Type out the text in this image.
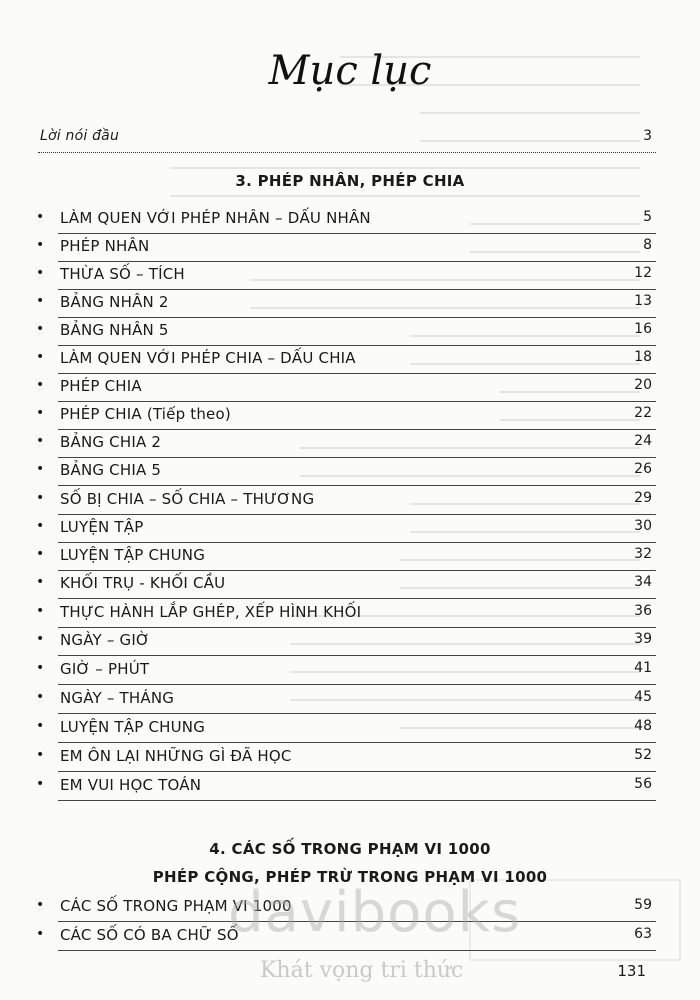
Mục lục
Lời nói đầu	3
3. PHÉP NHÂN, PHÉP CHIA
• LÀM QUEN VỚI PHÉP NHÂN – DẤU NHÂN	5
• PHÉP NHÂN	8
• THỪA SỐ – TÍCH	12
• BẢNG NHÂN 2	13
• BẢNG NHÂN 5	16
• LÀM QUEN VỚI PHÉP CHIA – DẤU CHIA	18
• PHÉP CHIA	20
• PHÉP CHIA (Tiếp theo)	22
• BẢNG CHIA 2	24
• BẢNG CHIA 5	26
• SỐ BỊ CHIA – SỐ CHIA – THƯƠNG	29
• LUYỆN TẬP	30
• LUYỆN TẬP CHUNG	32
• KHỐI TRỤ - KHỐI CẦU	34
• THỰC HÀNH LẮP GHÉP, XẾP HÌNH KHỐI	36
• NGÀY – GIỜ	39
• GIỜ – PHÚT	41
• NGÀY – THÁNG	45
• LUYỆN TẬP CHUNG	48
• EM ÔN LẠI NHỮNG GÌ ĐÃ HỌC	52
• EM VUI HỌC TOÁN	56
4. CÁC SỐ TRONG PHẠM VI 1000
PHÉP CỘNG, PHÉP TRỪ TRONG PHẠM VI 1000
• CÁC SỐ TRONG PHẠM VI 1000	59
• CÁC SỐ CÓ BA CHỮ SỐ	63
davibooks
Khát vọng tri thức	131
